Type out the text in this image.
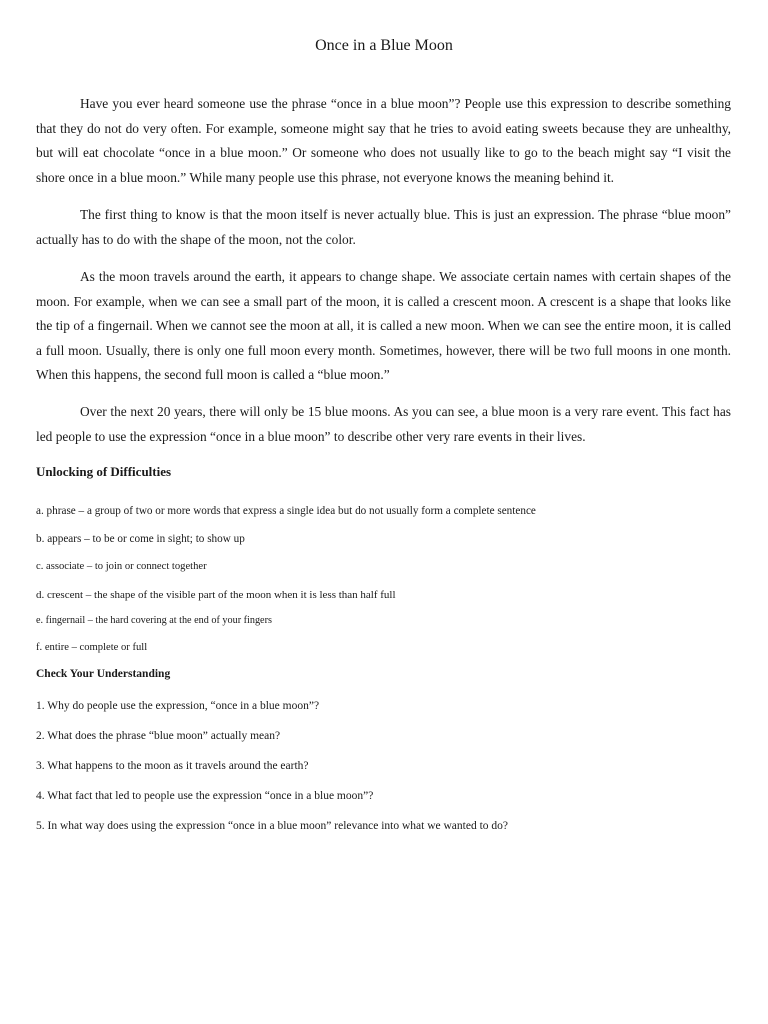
Once in a Blue Moon

Have you ever heard someone use the phrase “once in a blue moon”? People use this expression to describe something that they do not do very often. For example, someone might say that he tries to avoid eating sweets because they are unhealthy, but will eat chocolate “once in a blue moon.” Or someone who does not usually like to go to the beach might say “I visit the shore once in a blue moon.” While many people use this phrase, not everyone knows the meaning behind it.

The first thing to know is that the moon itself is never actually blue. This is just an expression. The phrase “blue moon” actually has to do with the shape of the moon, not the color.

As the moon travels around the earth, it appears to change shape. We associate certain names with certain shapes of the moon. For example, when we can see a small part of the moon, it is called a crescent moon. A crescent is a shape that looks like the tip of a fingernail. When we cannot see the moon at all, it is called a new moon. When we can see the entire moon, it is called a full moon. Usually, there is only one full moon every month. Sometimes, however, there will be two full moons in one month. When this happens, the second full moon is called a “blue moon.”

Over the next 20 years, there will only be 15 blue moons. As you can see, a blue moon is a very rare event. This fact has led people to use the expression “once in a blue moon” to describe other very rare events in their lives.

Unlocking of Difficulties

a. phrase – a group of two or more words that express a single idea but do not usually form a complete sentence

b. appears – to be or come in sight; to show up

c. associate – to join or connect together

d. crescent – the shape of the visible part of the moon when it is less than half full

e. fingernail – the hard covering at the end of your fingers

f. entire – complete or full

Check Your Understanding

1. Why do people use the expression, “once in a blue moon”?

2. What does the phrase “blue moon” actually mean?

3. What happens to the moon as it travels around the earth?

4. What fact that led to people use the expression “once in a blue moon”?

5. In what way does using the expression “once in a blue moon” relevance into what we wanted to do?
